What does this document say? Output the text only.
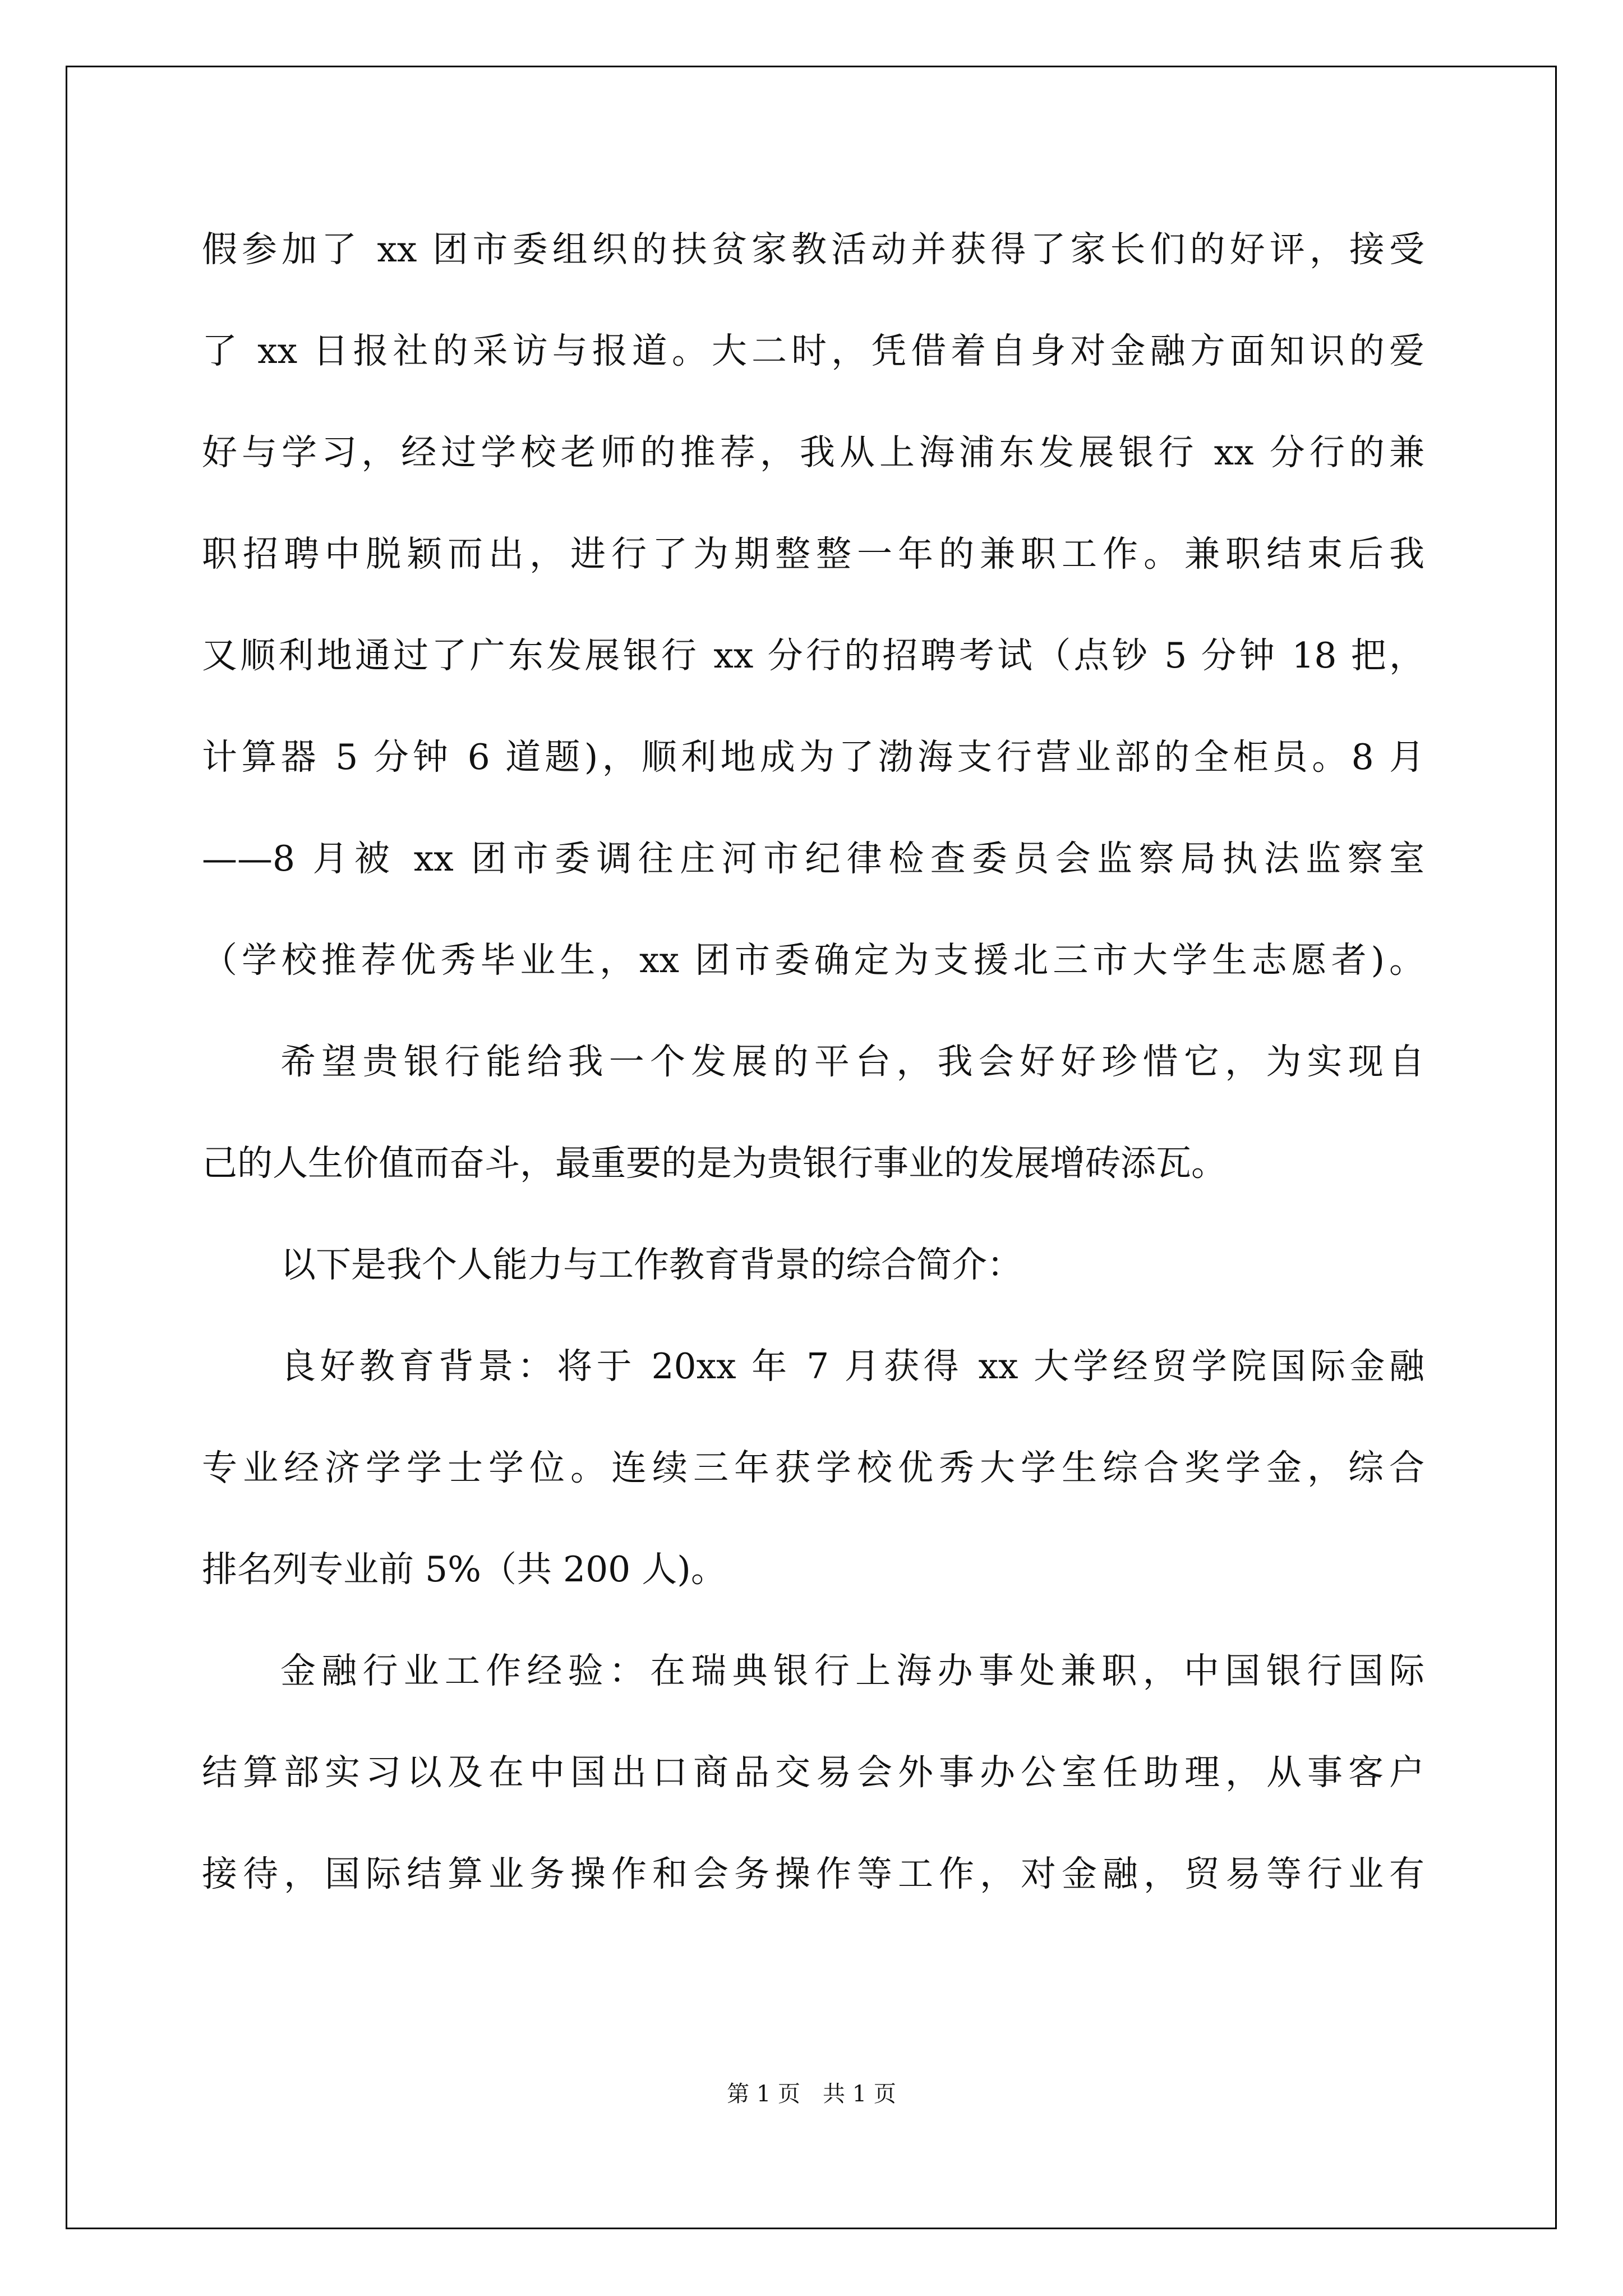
假参加了 xx 团市委组织的扶贫家教活动并获得了家长们的好评，接受
了 xx 日报社的采访与报道。大二时，凭借着自身对金融方面知识的爱
好与学习，经过学校老师的推荐，我从上海浦东发展银行 xx 分行的兼
职招聘中脱颖而出，进行了为期整整一年的兼职工作。兼职结束后我
又顺利地通过了广东发展银行 xx 分行的招聘考试（点钞 5 分钟 18 把，
计算器 5 分钟 6 道题)，顺利地成为了渤海支行营业部的全柜员。8 月
——8 月被 xx 团市委调往庄河市纪律检查委员会监察局执法监察室
（学校推荐优秀毕业生，xx 团市委确定为支援北三市大学生志愿者)。
希望贵银行能给我一个发展的平台，我会好好珍惜它，为实现自
己的人生价值而奋斗，最重要的是为贵银行事业的发展增砖添瓦。
以下是我个人能力与工作教育背景的综合简介：
良好教育背景：将于 20xx 年 7 月获得 xx 大学经贸学院国际金融
专业经济学学士学位。连续三年获学校优秀大学生综合奖学金，综合
排名列专业前 5%（共 200 人)。
金融行业工作经验：在瑞典银行上海办事处兼职，中国银行国际
结算部实习以及在中国出口商品交易会外事办公室任助理，从事客户
接待，国际结算业务操作和会务操作等工作，对金融，贸易等行业有
第 1 页　共 1 页
